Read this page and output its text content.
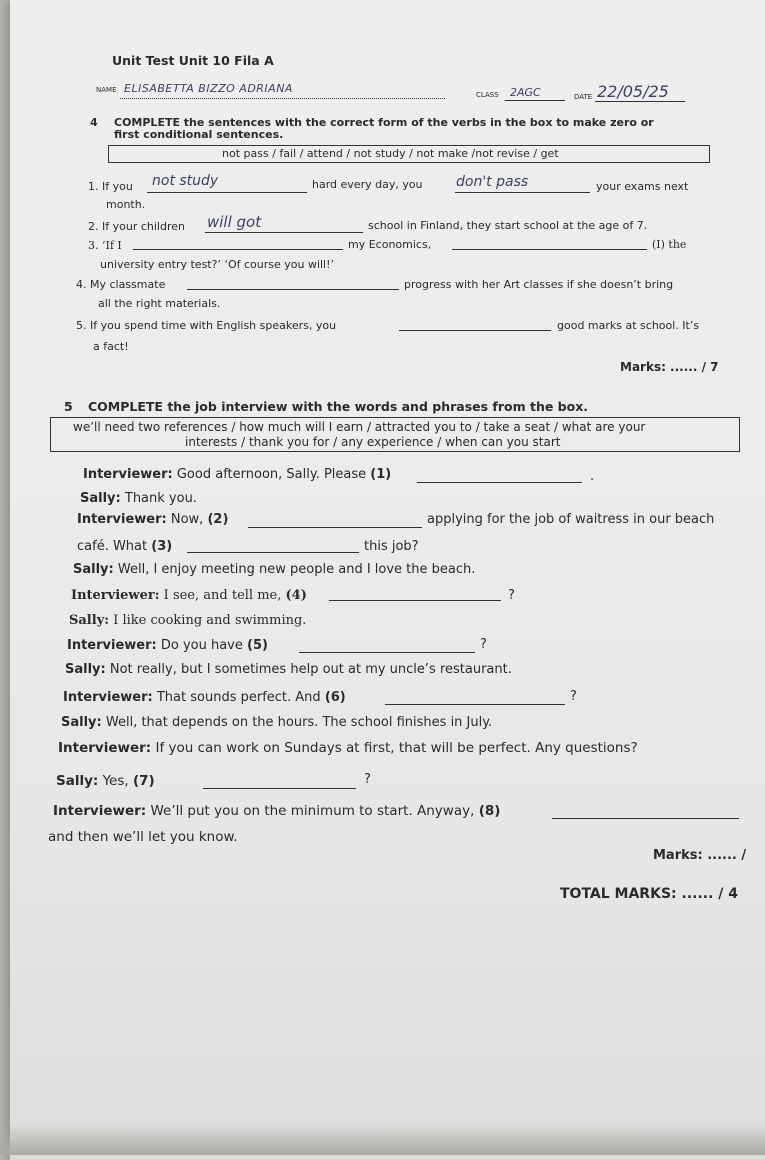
Unit Test Unit 10 Fila A
NAME ELISABETTA BIZZO ADRIANA	CLASS 2AGC	DATE 22/05/25
4 COMPLETE the sentences with the correct form of the verbs in the box to make zero or
first conditional sentences.
not pass / fail / attend / not study / not make /not revise / get
1. If you not study	hard every day, you don't pass	your exams next
month.
2. If your children will got	school in Finland, they start school at the age of 7.
3. ‘If I	my Economics,	(I) the
university entry test?’ ‘Of course you will!’
4. My classmate	progress with her Art classes if she doesn’t bring
all the right materials.
5. If you spend time with English speakers, you	good marks at school. It’s
a fact!
Marks: ...... / 7
5 COMPLETE the job interview with the words and phrases from the box.
we’ll need two references / how much will I earn / attracted you to / take a seat / what are your
interests / thank you for / any experience / when can you start
Interviewer: Good afternoon, Sally. Please (1)	.
Sally: Thank you.
Interviewer: Now, (2)	applying for the job of waitress in our beach
café. What (3)	this job?
Sally: Well, I enjoy meeting new people and I love the beach.
Interviewer: I see, and tell me, (4)	?
Sally: I like cooking and swimming.
Interviewer: Do you have (5)	?
Sally: Not really, but I sometimes help out at my uncle’s restaurant.
Interviewer: That sounds perfect. And (6)	?
Sally: Well, that depends on the hours. The school finishes in July.
Interviewer: If you can work on Sundays at first, that will be perfect. Any questions?
Sally: Yes, (7)	?
Interviewer: We’ll put you on the minimum to start. Anyway, (8)
and then we’ll let you know.
Marks: ...... /
TOTAL MARKS: ...... / 4
